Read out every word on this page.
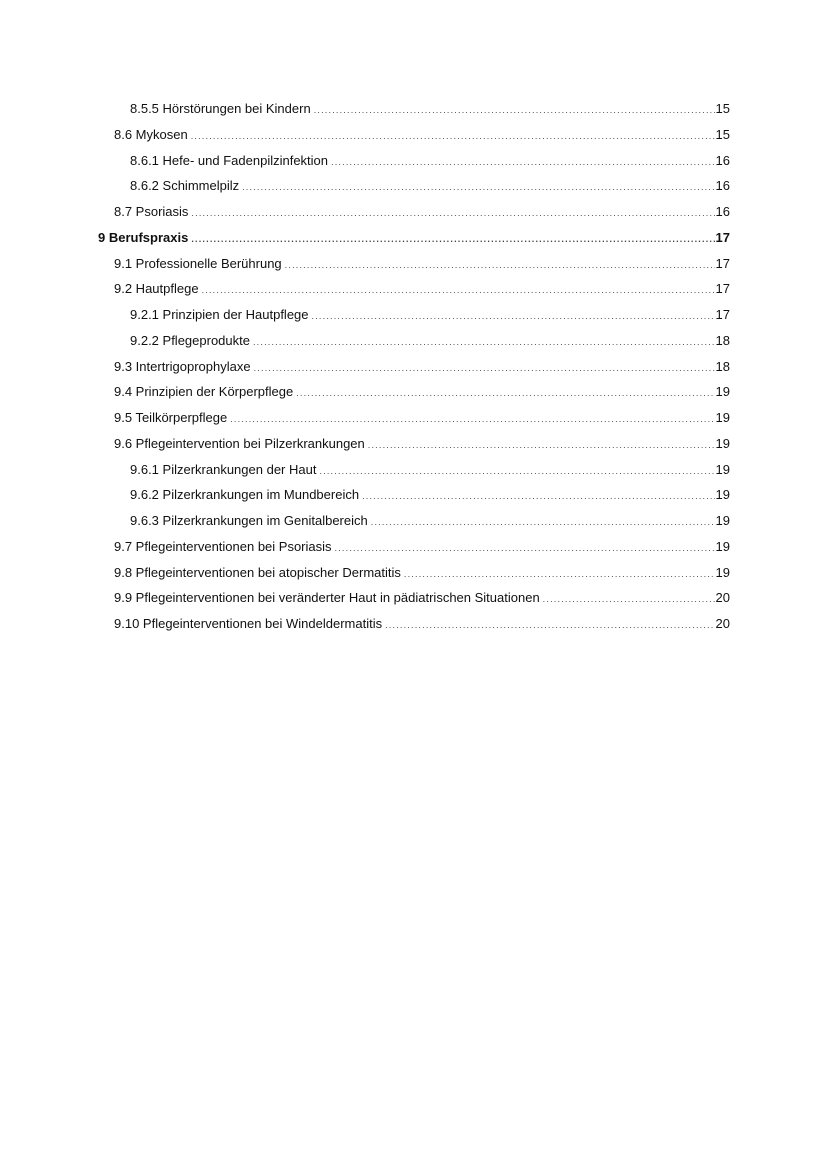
8.5.5 Hörstörungen bei Kindern .....	15
8.6 Mykosen .....	15
8.6.1 Hefe- und Fadenpilzinfektion .....	16
8.6.2 Schimmelpilz .....	16
8.7 Psoriasis .....	16
9 Berufspraxis .....	17
9.1 Professionelle Berührung .....	17
9.2 Hautpflege .....	17
9.2.1 Prinzipien der Hautpflege .....	17
9.2.2 Pflegeprodukte .....	18
9.3 Intertrigoprophylaxe .....	18
9.4 Prinzipien der Körperpflege .....	19
9.5 Teilkörperpflege .....	19
9.6 Pflegeintervention bei Pilzerkrankungen .....	19
9.6.1 Pilzerkrankungen der Haut .....	19
9.6.2 Pilzerkrankungen im Mundbereich .....	19
9.6.3 Pilzerkrankungen im Genitalbereich .....	19
9.7 Pflegeinterventionen bei Psoriasis .....	19
9.8 Pflegeinterventionen bei atopischer Dermatitis .....	19
9.9 Pflegeinterventionen bei veränderter Haut in pädiatrischen Situationen .....	20
9.10 Pflegeinterventionen bei Windeldermatitis .....	20
